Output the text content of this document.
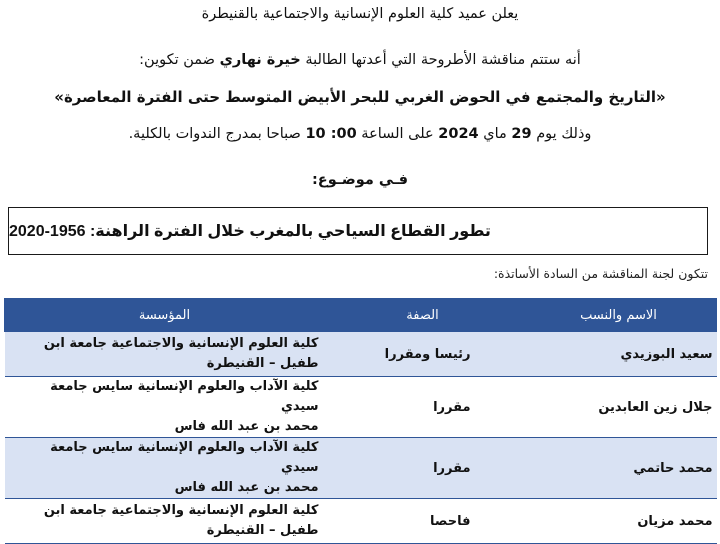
يعلن عميد كلية العلوم الإنسانية والاجتماعية بالقنيطرة
أنه ستتم مناقشة الأطروحة التي أعدتها الطالبة خيرة نهاري ضمن تكوين:
«التاريخ والمجتمع في الحوض الغربي للبحر الأبيض المتوسط حتى الفترة المعاصرة»
وذلك يوم 29 ماي 2024 على الساعة 00: 10 صباحا بمدرج الندوات بالكلية.
فـي موضـوع:
تطور القطاع السياحي بالمغرب خلال الفترة الراهنة: 1956-2020
تتكون لجنة المناقشة من السادة الأساتذة:
الاسم والنسب	الصفة	المؤسسة
سعيد البوزيدي	رئيسا ومقررا	كلية العلوم الإنسانية والاجتماعية جامعة ابن
طفيل – القنيطرة
جلال زين العابدين	مقررا	كلية الآداب والعلوم الإنسانية سايس جامعة سيدي
محمد بن عبد الله فاس
محمد حاتمي	مقررا	كلية الآداب والعلوم الإنسانية سايس جامعة سيدي
محمد بن عبد الله فاس
محمد مزيان	فاحصا	كلية العلوم الإنسانية والاجتماعية جامعة ابن
طفيل – القنيطرة
